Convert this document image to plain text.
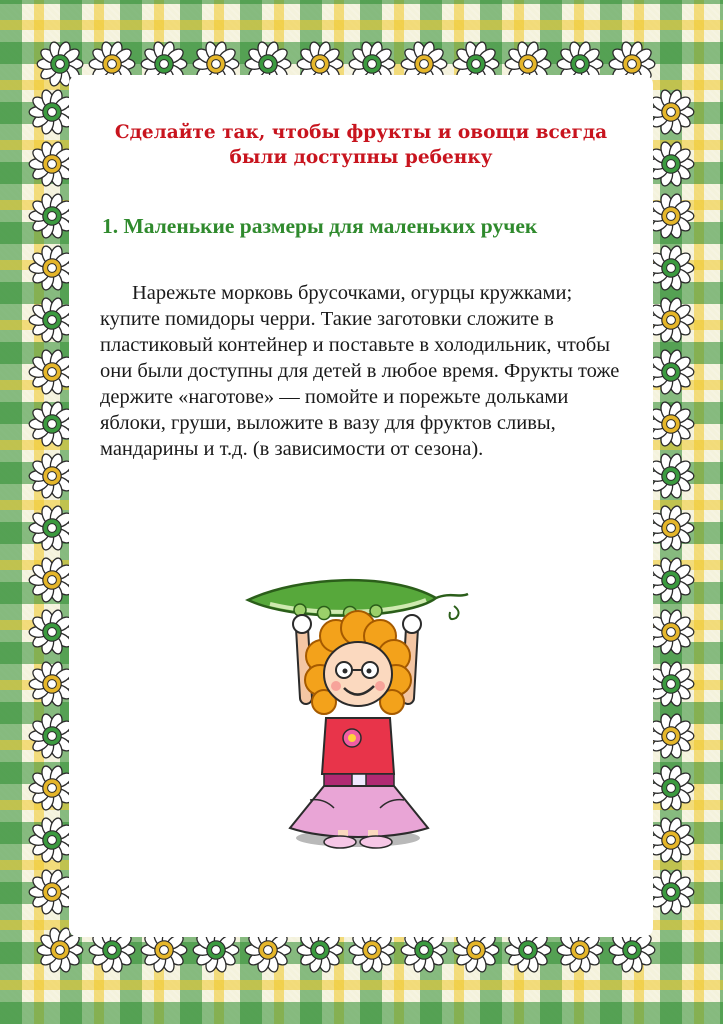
Сделайте так, чтобы фрукты и овощи всегда были доступны ребенку
1. Маленькие размеры для маленьких ручек

Нарежьте морковь брусочками, огурцы кружками; купите помидоры черри. Такие заготовки сложите в пластиковый контейнер и поставьте в холодильник, чтобы они были доступны для детей в любое время. Фрукты тоже держите «наготове» — помойте и порежьте дольками яблоки, груши, выложите в вазу для фруктов сливы, мандарины и т.д. (в зависимости от сезона).
